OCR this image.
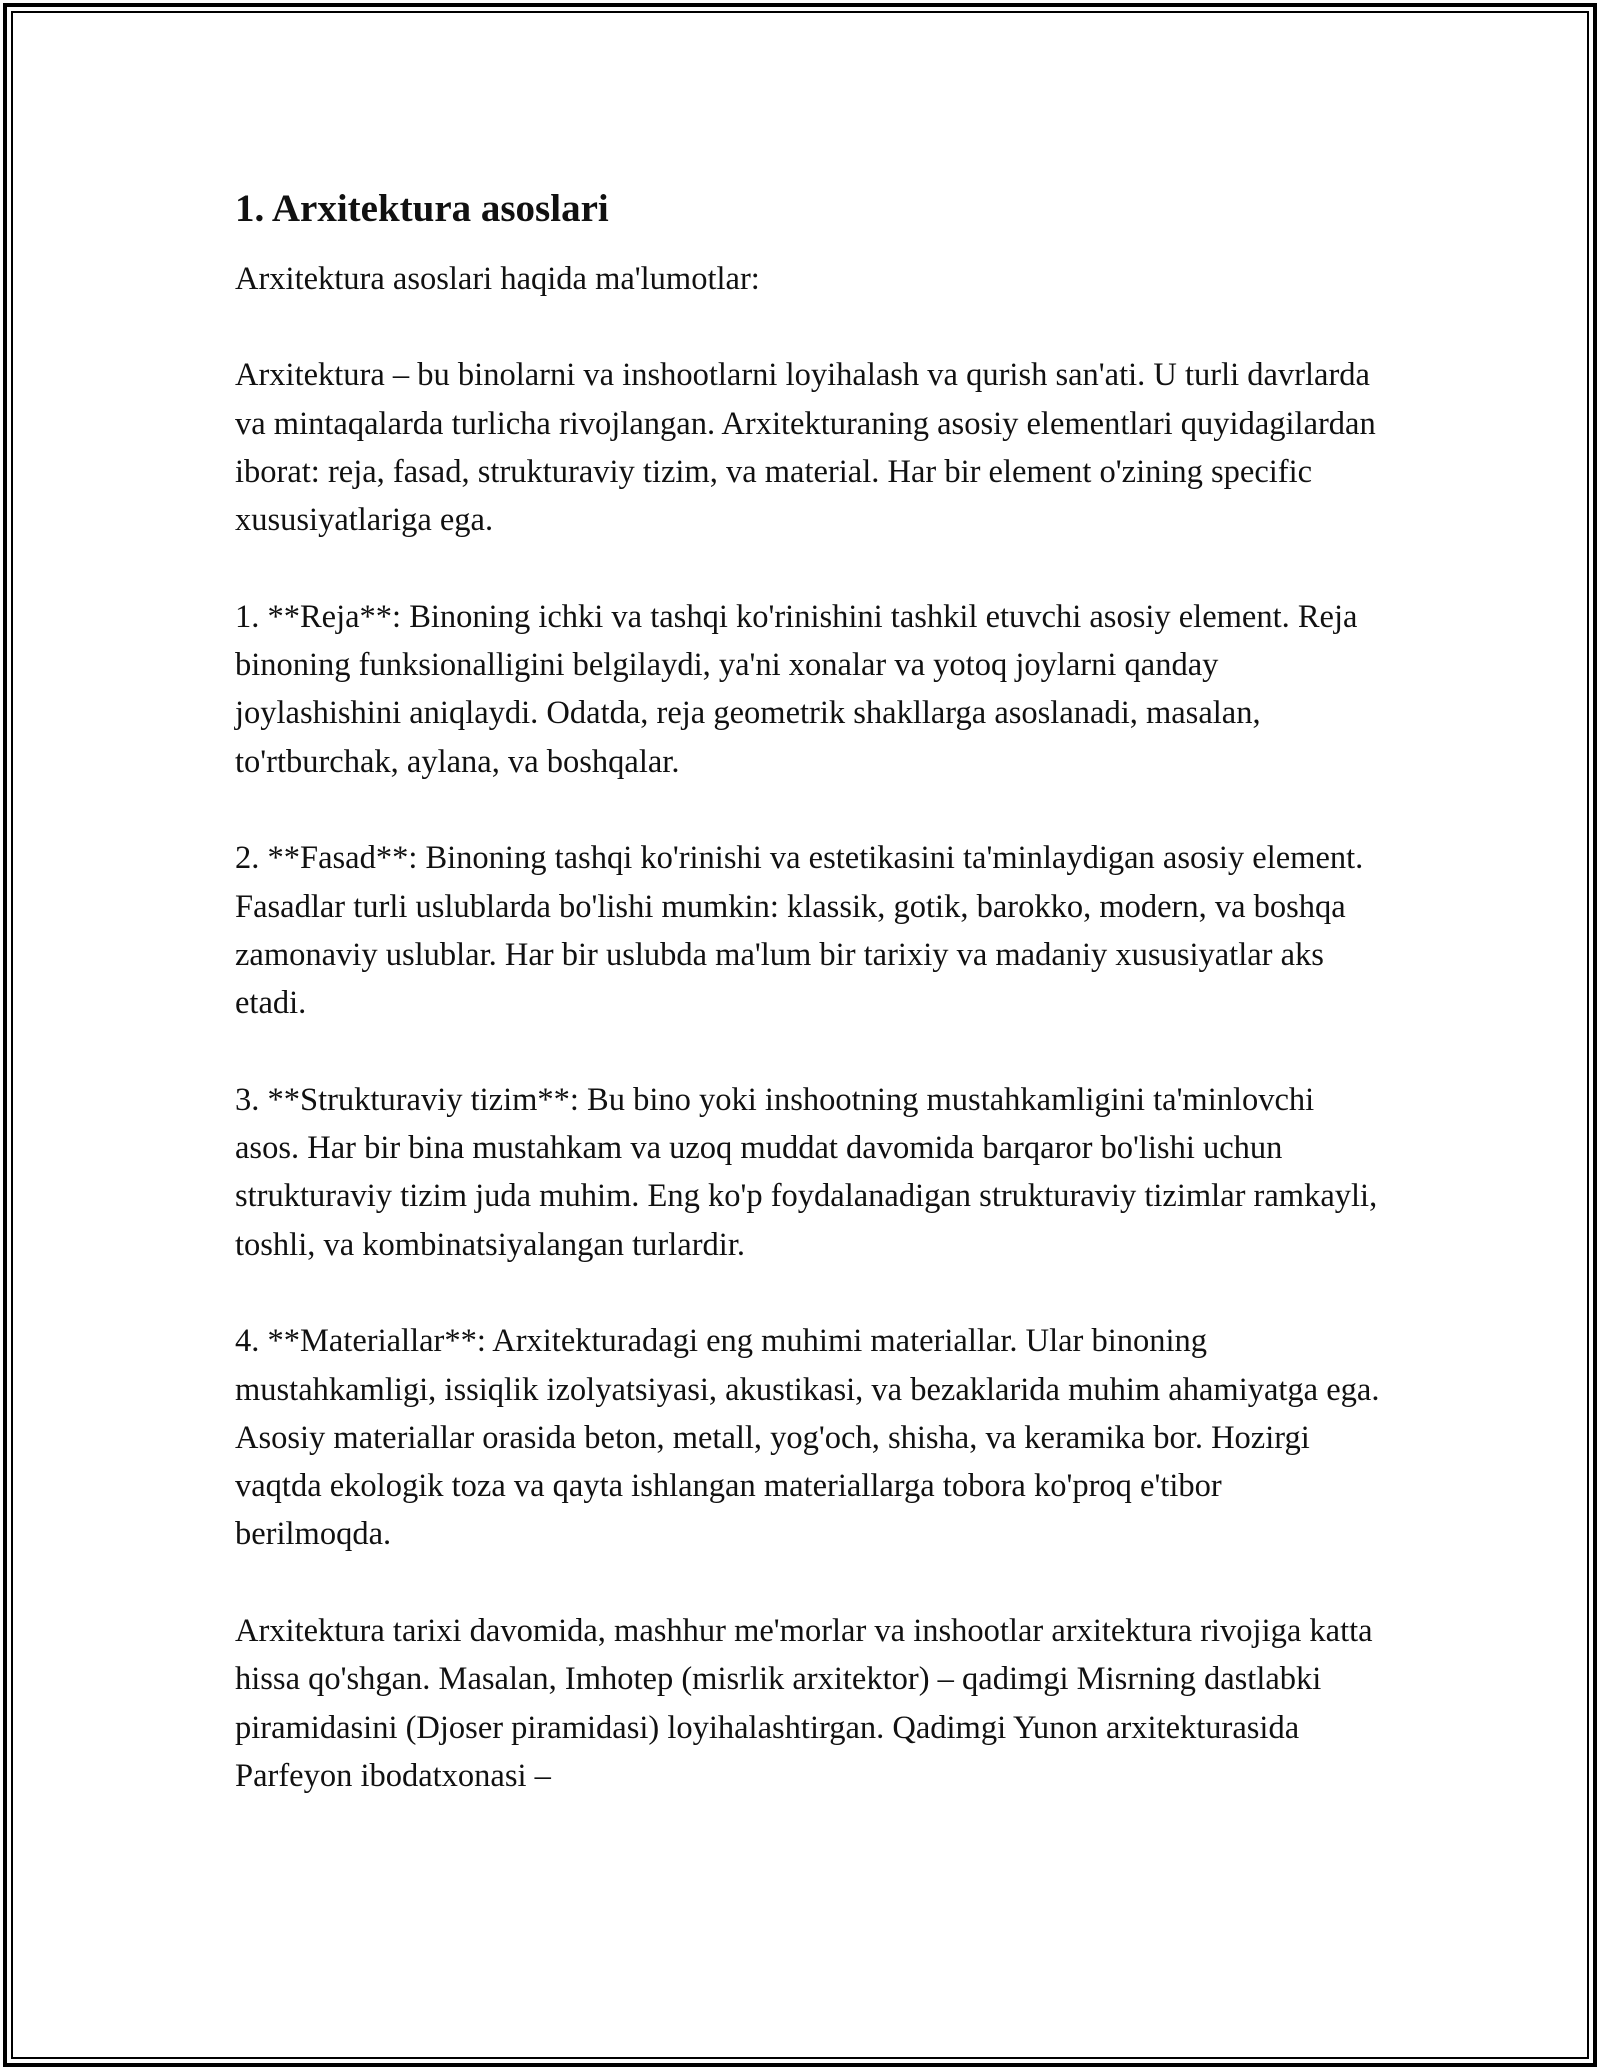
1. Arxitektura asoslari

Arxitektura asoslari haqida ma'lumotlar:

Arxitektura – bu binolarni va inshootlarni loyihalash va qurish san'ati. U turli davrlarda va mintaqalarda turlicha rivojlangan. Arxitekturaning asosiy elementlari quyidagilardan iborat: reja, fasad, strukturaviy tizim, va material. Har bir element o'zining specific xususiyatlariga ega.

1. **Reja**: Binoning ichki va tashqi ko'rinishini tashkil etuvchi asosiy element. Reja binoning funksionalligini belgilaydi, ya'ni xonalar va yotoq joylarni qanday joylashishini aniqlaydi. Odatda, reja geometrik shakllarga asoslanadi, masalan, to'rtburchak, aylana, va boshqalar.

2. **Fasad**: Binoning tashqi ko'rinishi va estetikasini ta'minlaydigan asosiy element. Fasadlar turli uslublarda bo'lishi mumkin: klassik, gotik, barokko, modern, va boshqa zamonaviy uslublar. Har bir uslubda ma'lum bir tarixiy va madaniy xususiyatlar aks etadi.

3. **Strukturaviy tizim**: Bu bino yoki inshootning mustahkamligini ta'minlovchi asos. Har bir bina mustahkam va uzoq muddat davomida barqaror bo'lishi uchun strukturaviy tizim juda muhim. Eng ko'p foydalanadigan strukturaviy tizimlar ramkayli, toshli, va kombinatsiyalangan turlardir.

4. **Materiallar**: Arxitekturadagi eng muhimi materiallar. Ular binoning mustahkamligi, issiqlik izolyatsiyasi, akustikasi, va bezaklarida muhim ahamiyatga ega. Asosiy materiallar orasida beton, metall, yog'och, shisha, va keramika bor. Hozirgi vaqtda ekologik toza va qayta ishlangan materiallarga tobora ko'proq e'tibor berilmoqda.

Arxitektura tarixi davomida, mashhur me'morlar va inshootlar arxitektura rivojiga katta hissa qo'shgan. Masalan, Imhotep (misrlik arxitektor) – qadimgi Misrning dastlabki piramidasini (Djoser piramidasi) loyihalashtirgan. Qadimgi Yunon arxitekturasida Parfeyon ibodatxonasi –
